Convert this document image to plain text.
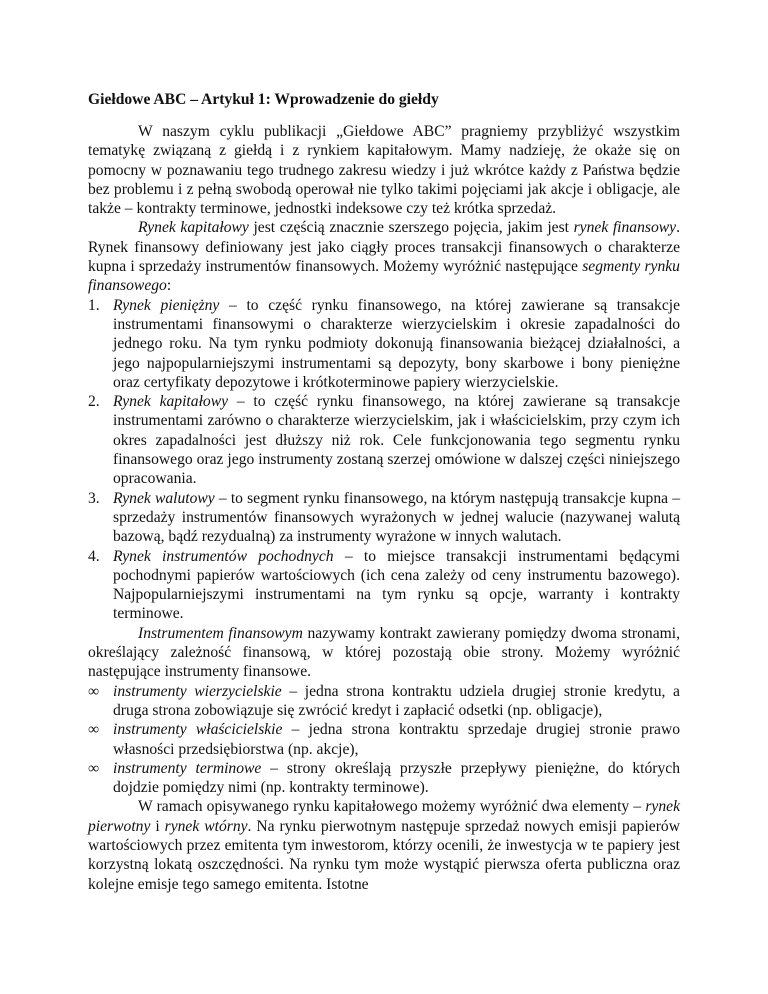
Giełdowe ABC – Artykuł 1: Wprowadzenie do giełdy

W naszym cyklu publikacji „Giełdowe ABC” pragniemy przybliżyć wszystkim tematykę związaną z giełdą i z rynkiem kapitałowym. Mamy nadzieję, że okaże się on pomocny w poznawaniu tego trudnego zakresu wiedzy i już wkrótce każdy z Państwa będzie bez problemu i z pełną swobodą operował nie tylko takimi pojęciami jak akcje i obligacje, ale także – kontrakty terminowe, jednostki indeksowe czy też krótka sprzedaż.

Rynek kapitałowy jest częścią znacznie szerszego pojęcia, jakim jest rynek finansowy. Rynek finansowy definiowany jest jako ciągły proces transakcji finansowych o charakterze kupna i sprzedaży instrumentów finansowych. Możemy wyróżnić następujące segmenty rynku finansowego:

1. Rynek pieniężny – to część rynku finansowego, na której zawierane są transakcje instrumentami finansowymi o charakterze wierzycielskim i okresie zapadalności do jednego roku. Na tym rynku podmioty dokonują finansowania bieżącej działalności, a jego najpopularniejszymi instrumentami są depozyty, bony skarbowe i bony pieniężne oraz certyfikaty depozytowe i krótkoterminowe papiery wierzycielskie.
2. Rynek kapitałowy – to część rynku finansowego, na której zawierane są transakcje instrumentami zarówno o charakterze wierzycielskim, jak i właścicielskim, przy czym ich okres zapadalności jest dłuższy niż rok. Cele funkcjonowania tego segmentu rynku finansowego oraz jego instrumenty zostaną szerzej omówione w dalszej części niniejszego opracowania.
3. Rynek walutowy – to segment rynku finansowego, na którym następują transakcje kupna – sprzedaży instrumentów finansowych wyrażonych w jednej walucie (nazywanej walutą bazową, bądź rezydualną) za instrumenty wyrażone w innych walutach.
4. Rynek instrumentów pochodnych – to miejsce transakcji instrumentami będącymi pochodnymi papierów wartościowych (ich cena zależy od ceny instrumentu bazowego). Najpopularniejszymi instrumentami na tym rynku są opcje, warranty i kontrakty terminowe.

Instrumentem finansowym nazywamy kontrakt zawierany pomiędzy dwoma stronami, określający zależność finansową, w której pozostają obie strony. Możemy wyróżnić następujące instrumenty finansowe.

∞ instrumenty wierzycielskie – jedna strona kontraktu udziela drugiej stronie kredytu, a druga strona zobowiązuje się zwrócić kredyt i zapłacić odsetki (np. obligacje),
∞ instrumenty właścicielskie – jedna strona kontraktu sprzedaje drugiej stronie prawo własności przedsiębiorstwa (np. akcje),
∞ instrumenty terminowe – strony określają przyszłe przepływy pieniężne, do których dojdzie pomiędzy nimi (np. kontrakty terminowe).

W ramach opisywanego rynku kapitałowego możemy wyróżnić dwa elementy – rynek pierwotny i rynek wtórny. Na rynku pierwotnym następuje sprzedaż nowych emisji papierów wartościowych przez emitenta tym inwestorom, którzy ocenili, że inwestycja w te papiery jest korzystną lokatą oszczędności. Na rynku tym może wystąpić pierwsza oferta publiczna oraz kolejne emisje tego samego emitenta. Istotne
